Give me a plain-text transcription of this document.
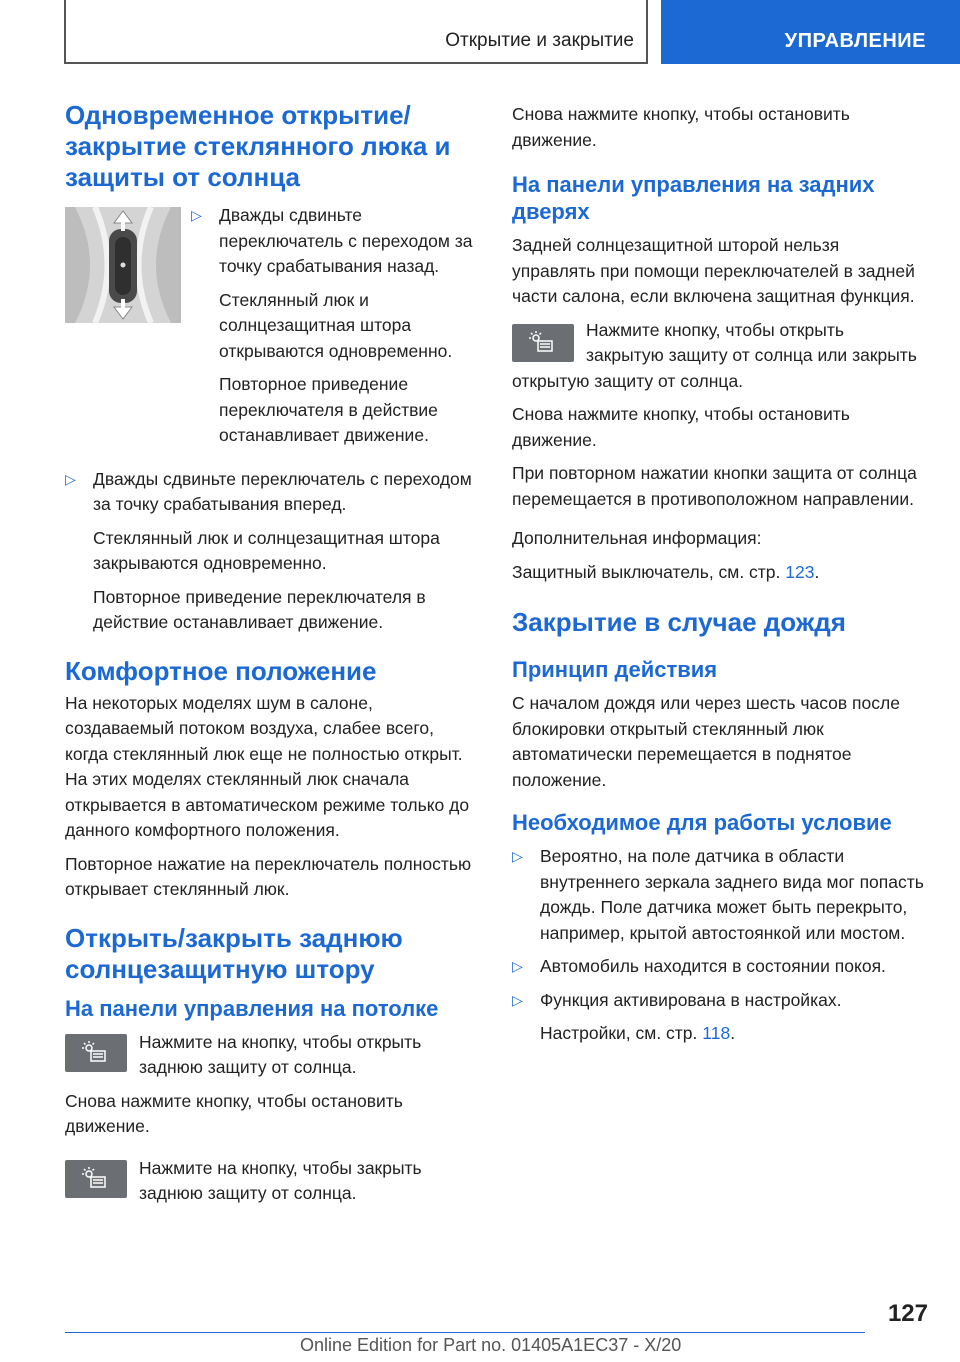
Открытие и закрытие	УПРАВЛЕНИЕ
Одновременное открытие/закрытие стеклянного люка и защиты от солнца
▷ Дважды сдвиньте переключатель с переходом за точку срабатывания назад.

Стеклянный люк и солнцезащитная штора открываются одновременно.

Повторное приведение переключателя в действие останавливает движение.

▷ Дважды сдвиньте переключатель с переходом за точку срабатывания вперед.

Стеклянный люк и солнцезащитная штора закрываются одновременно.

Повторное приведение переключателя в действие останавливает движение.

Комфортное положение

На некоторых моделях шум в салоне, создаваемый потоком воздуха, слабее всего, когда стеклянный люк еще не полностью открыт. На этих моделях стеклянный люк сначала открывается в автоматическом режиме только до данного комфортного положения.

Повторное нажатие на переключатель полностью открывает стеклянный люк.

Открыть/закрыть заднюю солнцезащитную штору
На панели управления на потолке

Нажмите на кнопку, чтобы открыть заднюю защиту от солнца.

Снова нажмите кнопку, чтобы остановить движение.

Нажмите на кнопку, чтобы закрыть заднюю защиту от солнца.

Снова нажмите кнопку, чтобы остановить движение.

На панели управления на задних дверях

Задней солнцезащитной шторой нельзя управлять при помощи переключателей в задней части салона, если включена защитная функция.

Нажмите кнопку, чтобы открыть закрытую защиту от солнца или закрыть открытую защиту от солнца.

Снова нажмите кнопку, чтобы остановить движение.

При повторном нажатии кнопки защита от солнца перемещается в противоположном направлении.

Дополнительная информация:

Защитный выключатель, см. стр. 123.

Закрытие в случае дождя
Принцип действия

С началом дождя или через шесть часов после блокировки открытый стеклянный люк автоматически перемещается в поднятое положение.

Необходимое для работы условие
▷ Вероятно, на поле датчика в области внутреннего зеркала заднего вида мог попасть дождь. Поле датчика может быть перекрыто, например, крытой автостоянкой или мостом.

▷ Автомобиль находится в состоянии покоя.

▷ Функция активирована в настройках.

Настройки, см. стр. 118.

127
Online Edition for Part no. 01405A1EC37 - X/20
